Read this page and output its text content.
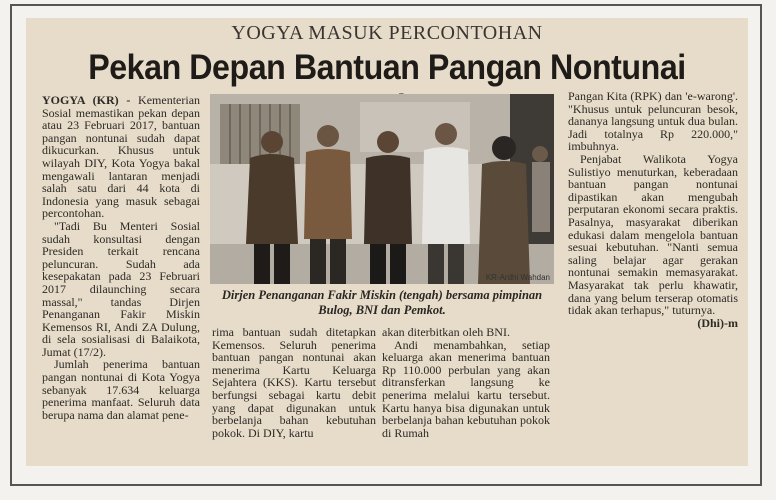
YOGYA MASUK PERCONTOHAN
Pekan Depan Bantuan Pangan Nontunai

YOGYA (KR) - Kementerian Sosial memastikan pekan depan atau 23 Februari 2017, bantuan pangan nontunai sudah dapat dikucurkan. Khusus untuk wilayah DIY, Kota Yogya bakal mengawali lantaran menjadi salah satu dari 44 kota di Indonesia yang masuk sebagai percontohan.

"Tadi Bu Menteri Sosial sudah konsultasi dengan Presiden terkait rencana peluncuran. Sudah ada kesepakatan pada 23 Februari 2017 dilaunching secara massal," tandas Dirjen Penanganan Fakir Miskin Kemensos RI, Andi ZA Dulung, di sela sosialisasi di Balaikota, Jumat (17/2).

Jumlah penerima bantuan pangan nontunai di Kota Yogya sebanyak 17.634 keluarga penerima manfaat. Seluruh data berupa nama dan alamat pene-

KR-Ardhi Wahdan
Dirjen Penanganan Fakir Miskin (tengah) bersama pimpinan Bulog, BNI dan Pemkot.

rima bantuan sudah ditetapkan Kemensos. Seluruh penerima bantuan pangan nontunai akan menerima Kartu Keluarga Sejahtera (KKS). Kartu tersebut berfungsi sebagai kartu debit yang dapat digunakan untuk berbelanja bahan kebutuhan pokok. Di DIY, kartu

akan diterbitkan oleh BNI.

Andi menambahkan, setiap keluarga akan menerima bantuan Rp 110.000 perbulan yang akan ditransferkan langsung ke penerima melalui kartu tersebut. Kartu hanya bisa digunakan untuk berbelanja bahan kebutuhan pokok di Rumah

Pangan Kita (RPK) dan 'e-warong'. "Khusus untuk peluncuran besok, dananya langsung untuk dua bulan. Jadi totalnya Rp 220.000," imbuhnya.

Penjabat Walikota Yogya Sulistiyo menuturkan, keberadaan bantuan pangan nontunai dipastikan akan mengubah perputaran ekonomi secara praktis. Pasalnya, masyarakat diberikan edukasi dalam mengelola bantuan sesuai kebutuhan. "Nanti semua saling belajar agar gerakan nontunai semakin memasyarakat. Masyarakat tak perlu khawatir, dana yang belum terserap otomatis tidak akan terhapus," tuturnya.

(Dhi)-m
